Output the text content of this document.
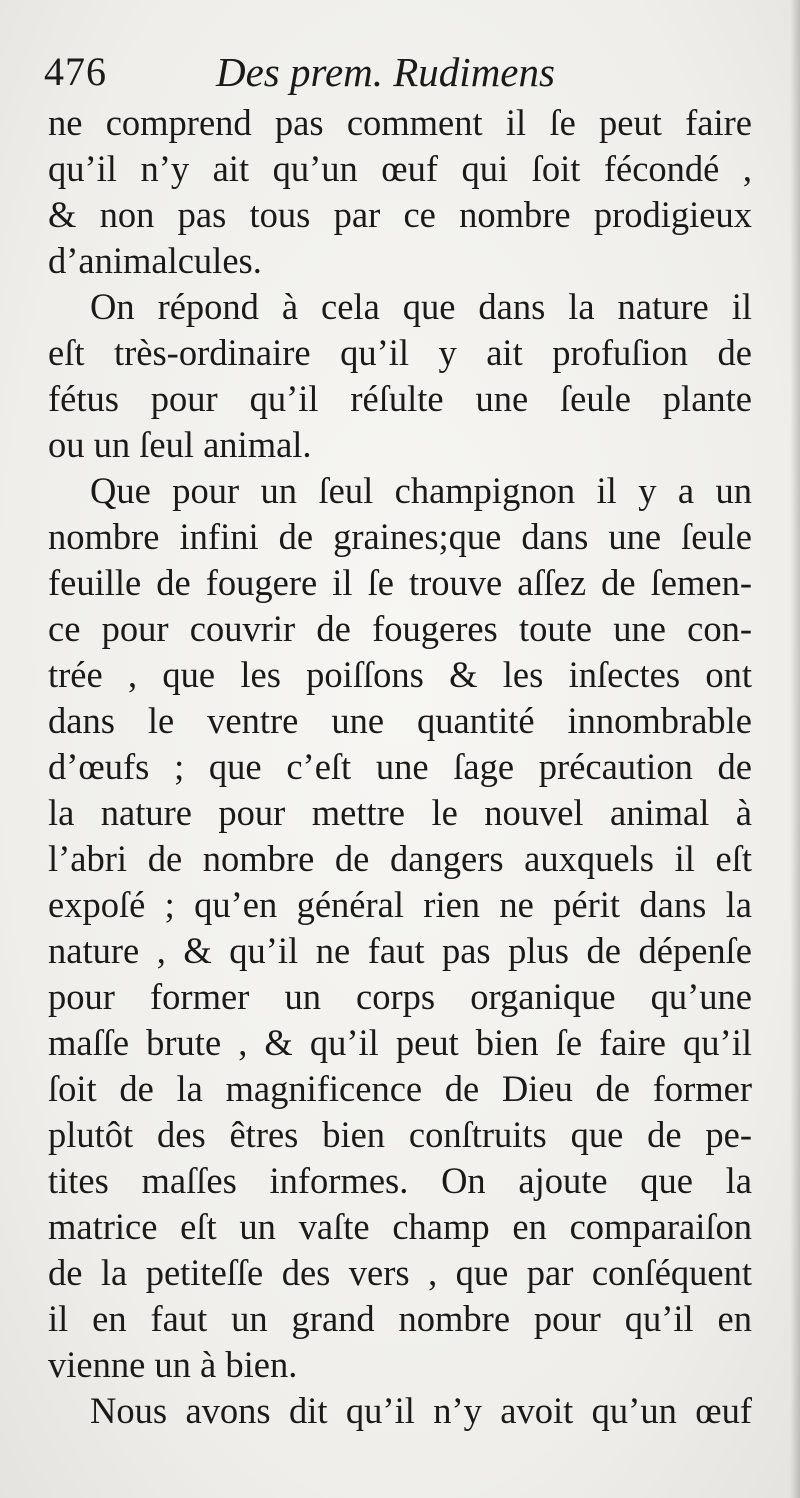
476	Des prem. Rudimens
ne comprend pas comment il ſe peut faire
qu’il n’y ait qu’un œuf qui ſoit fécondé ,
& non pas tous par ce nombre prodigieux
d’animalcules.
On répond à cela que dans la nature il
eſt très-ordinaire qu’il y ait profuſion de
fétus pour qu’il réſulte une ſeule plante
ou un ſeul animal.
Que pour un ſeul champignon il y a un
nombre infini de graines;que dans une ſeule
feuille de fougere il ſe trouve aſſez de ſemen-
ce pour couvrir de fougeres toute une con-
trée , que les poiſſons & les inſectes ont
dans le ventre une quantité innombrable
d’œufs ; que c’eſt une ſage précaution de
la nature pour mettre le nouvel animal à
l’abri de nombre de dangers auxquels il eſt
expoſé ; qu’en général rien ne périt dans la
nature , & qu’il ne faut pas plus de dépenſe
pour former un corps organique qu’une
maſſe brute , & qu’il peut bien ſe faire qu’il
ſoit de la magnificence de Dieu de former
plutôt des êtres bien conſtruits que de pe-
tites maſſes informes. On ajoute que la
matrice eſt un vaſte champ en comparaiſon
de la petiteſſe des vers , que par conſéquent
il en faut un grand nombre pour qu’il en
vienne un à bien.
Nous avons dit qu’il n’y avoit qu’un œuf
